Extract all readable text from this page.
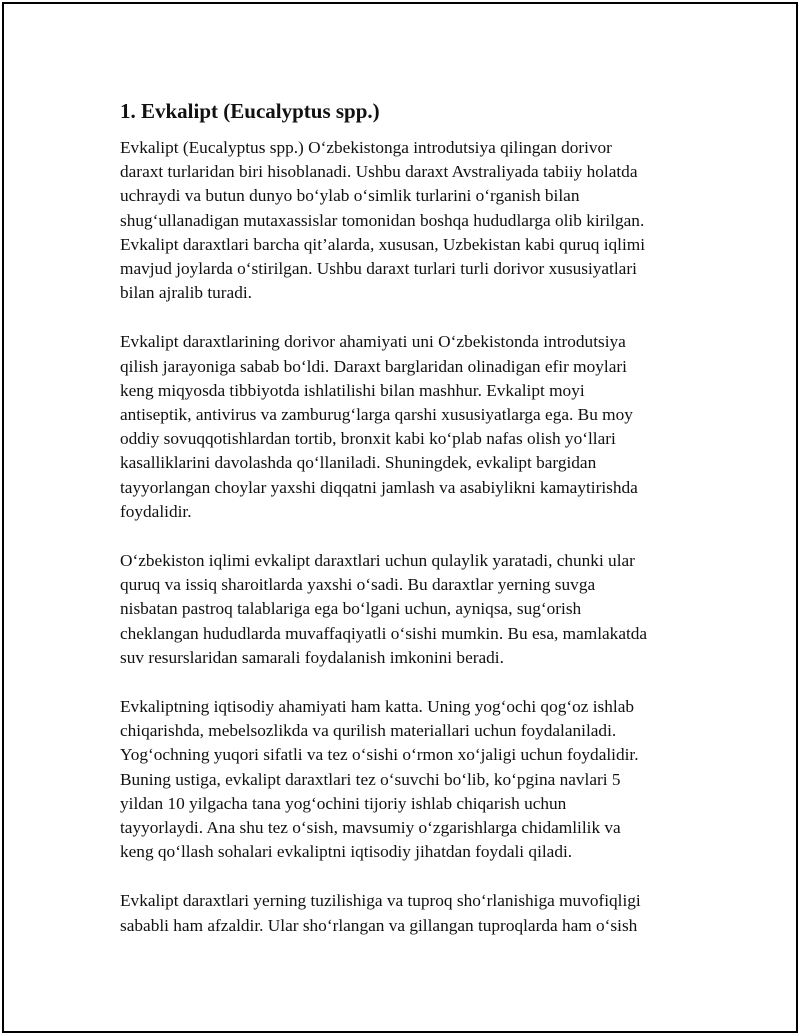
1. Evkalipt (Eucalyptus spp.)
Evkalipt (Eucalyptus spp.) O‘zbekistonga introdutsiya qilingan dorivor
daraxt turlaridan biri hisoblanadi. Ushbu daraxt Avstraliyada tabiiy holatda
uchraydi va butun dunyo bo‘ylab o‘simlik turlarini o‘rganish bilan
shug‘ullanadigan mutaxassislar tomonidan boshqa hududlarga olib kirilgan.
Evkalipt daraxtlari barcha qit’alarda, xususan, Uzbekistan kabi quruq iqlimi
mavjud joylarda o‘stirilgan. Ushbu daraxt turlari turli dorivor xususiyatlari
bilan ajralib turadi.
Evkalipt daraxtlarining dorivor ahamiyati uni O‘zbekistonda introdutsiya
qilish jarayoniga sabab bo‘ldi. Daraxt barglaridan olinadigan efir moylari
keng miqyosda tibbiyotda ishlatilishi bilan mashhur. Evkalipt moyi
antiseptik, antivirus va zamburug‘larga qarshi xususiyatlarga ega. Bu moy
oddiy sovuqqotishlardan tortib, bronxit kabi ko‘plab nafas olish yo‘llari
kasalliklarini davolashda qo‘llaniladi. Shuningdek, evkalipt bargidan
tayyorlangan choylar yaxshi diqqatni jamlash va asabiylikni kamaytirishda
foydalidir.
O‘zbekiston iqlimi evkalipt daraxtlari uchun qulaylik yaratadi, chunki ular
quruq va issiq sharoitlarda yaxshi o‘sadi. Bu daraxtlar yerning suvga
nisbatan pastroq talablariga ega bo‘lgani uchun, ayniqsa, sug‘orish
cheklangan hududlarda muvaffaqiyatli o‘sishi mumkin. Bu esa, mamlakatda
suv resurslaridan samarali foydalanish imkonini beradi.
Evkaliptning iqtisodiy ahamiyati ham katta. Uning yog‘ochi qog‘oz ishlab
chiqarishda, mebelsozlikda va qurilish materiallari uchun foydalaniladi.
Yog‘ochning yuqori sifatli va tez o‘sishi o‘rmon xo‘jaligi uchun foydalidir.
Buning ustiga, evkalipt daraxtlari tez o‘suvchi bo‘lib, ko‘pgina navlari 5
yildan 10 yilgacha tana yog‘ochini tijoriy ishlab chiqarish uchun
tayyorlaydi. Ana shu tez o‘sish, mavsumiy o‘zgarishlarga chidamlilik va
keng qo‘llash sohalari evkaliptni iqtisodiy jihatdan foydali qiladi.
Evkalipt daraxtlari yerning tuzilishiga va tuproq sho‘rlanishiga muvofiqligi
sababli ham afzaldir. Ular sho‘rlangan va gillangan tuproqlarda ham o‘sish
